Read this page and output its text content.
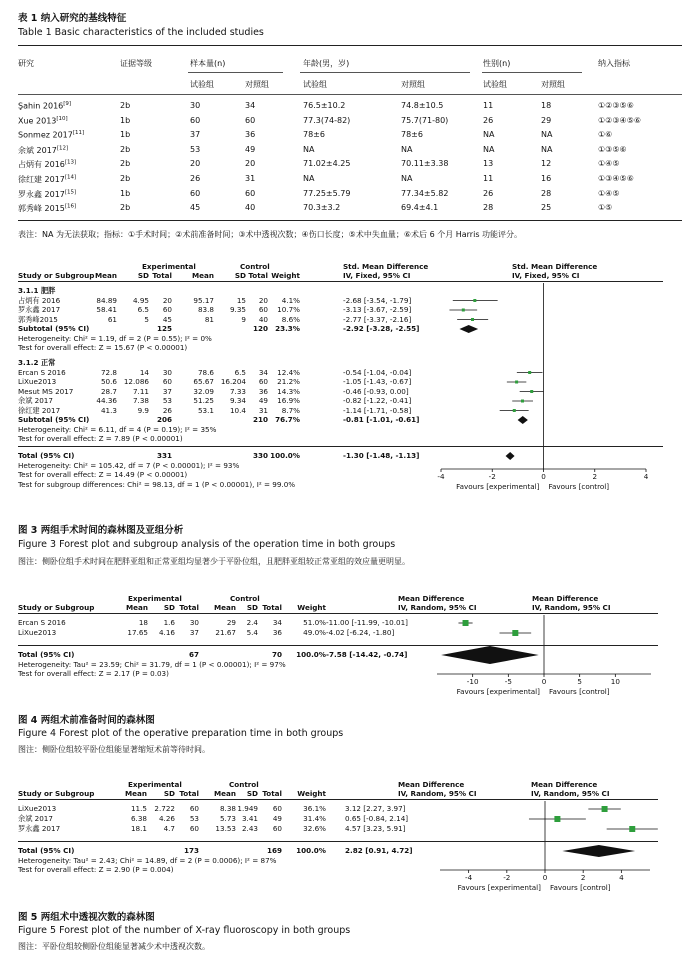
表 1 纳入研究的基线特征
Table 1 Basic characteristics of the included studies
研究	证据等级	样本量(n)	年龄(男，岁)	性别(n)	纳入指标
试验组	对照组	试验组	对照组	试验组	对照组
Şahin 2016[9]	2b	30	34	76.5±10.2	74.8±10.5	11	18	①②③⑤⑥
Xue 2013[10]	1b	60	60	77.3(74-82)	75.7(71-80)	26	29	①②③④⑤⑥
Sonmez 2017[11]	1b	37	36	78±6	78±6	NA	NA	①⑥
余斌 2017[12]	2b	53	49	NA	NA	NA	NA	①③⑤⑥
占炳有 2016[13]	2b	20	20	71.02±4.25	70.11±3.38	13	12	①④⑤
徐红建 2017[14]	2b	26	31	NA	NA	11	16	①③④⑤⑥
罗永鑫 2017[15]	1b	60	60	77.25±5.79	77.34±5.82	26	28	①④⑤
郭秀峰 2015[16]	2b	45	40	70.3±3.2	69.4±4.1	28	25	①⑤
表注：NA 为无法获取；指标：①手术时间；②术前准备时间；③术中透视次数；④伤口长度；⑤术中失血量；⑥术后 6 个月 Harris 功能评分。
Experimental	Control	Std. Mean Difference	Std. Mean Difference
Study or Subgroup Mean	SD Total	Mean	SD Total Weight	IV, Fixed, 95% CI	IV, Fixed, 95% CI
3.1.1 肥胖
占炳有 2016	84.89	4.95	20	95.17	15	20	4.1%	-2.68 [-3.54, -1.79]
罗永鑫 2017	58.41	6.5	60	83.8	9.35	60	10.7%	-3.13 [-3.67, -2.59]
郭秀峰2015	61	5	45	81	9	40	8.6%	-2.77 [-3.37, -2.16]
Subtotal (95% CI)	125	120 23.3%	-2.92 [-3.28, -2.55]
Heterogeneity: Chi² = 1.19, df = 2 (P = 0.55); I² = 0%
Test for overall effect: Z = 15.67 (P < 0.00001)
3.1.2 正常
Ercan S 2016	72.8	14	30	78.6	6.5	34	12.4%	-0.54 [-1.04, -0.04]
LiXue2013	50.6 12.086	60	65.67 16.204	60	21.2%	-1.05 [-1.43, -0.67]
Mesut MS 2017	28.7	7.11	37	32.09	7.33	36	14.3%	-0.46 [-0.93, 0.00]
余斌 2017	44.36	7.38	53	51.25	9.34	49	16.9%	-0.82 [-1.22, -0.41]
徐红建 2017	41.3	9.9	26	53.1	10.4	31	8.7%	-1.14 [-1.71, -0.58]
Subtotal (95% CI)	206	210 76.7%	-0.81 [-1.01, -0.61]
Heterogeneity: Chi² = 6.11, df = 4 (P = 0.19); I² = 35%
Test for overall effect: Z = 7.89 (P < 0.00001)
Total (95% CI)	331	330 100.0%	-1.30 [-1.48, -1.13]
Heterogeneity: Chi² = 105.42, df = 7 (P < 0.00001); I² = 93%
Test for overall effect: Z = 14.49 (P < 0.00001)
Test for subgroup differences: Chi² = 98.13, df = 1 (P < 0.00001), I² = 99.0%
-4	-2	0	2	4
Favours [experimental] Favours [control]
图 3 两组手术时间的森林图及亚组分析
Figure 3 Forest plot and subgroup analysis of the operation time in both groups
图注：侧卧位组手术时间在肥胖亚组和正常亚组均显著少于平卧位组，且肥胖亚组较正常亚组的效应量更明显。
Experimental	Control	Mean Difference	Mean Difference
Study or Subgroup	Mean	SD Total	Mean	SD Total	Weight	IV, Random, 95% CI	IV, Random, 95% CI
Ercan S 2016	18	1.6	30	29	2.4	34	51.0% -11.00 [-11.99, -10.01]
LiXue2013	17.65	4.16	37	21.67	5.4	36	49.0% -4.02 [-6.24, -1.80]
Total (95% CI)	67	70	100.0% -7.58 [-14.42, -0.74]
Heterogeneity: Tau² = 23.59; Chi² = 31.79, df = 1 (P < 0.00001); I² = 97%
Test for overall effect: Z = 2.17 (P = 0.03)
-10	-5	0	5	10
Favours [experimental] Favours [control]
图 4 两组术前准备时间的森林图
Figure 4 Forest plot of the operative preparation time in both groups
图注：侧卧位组较平卧位组能显著缩短术前等待时间。
Experimental	Control	Mean Difference	Mean Difference
Study or Subgroup	Mean	SD Total	Mean	SD Total	Weight	IV, Random, 95% CI	IV, Random, 95% CI
LiXue2013	11.5	2.722	60	8.38 1.949	60	36.1%	3.12 [2.27, 3.97]
余斌 2017	6.38	4.26	53	5.73 3.41	49	31.4%	0.65 [-0.84, 2.14]
罗永鑫 2017	18.1	4.7	60	13.53 2.43	60	32.6%	4.57 [3.23, 5.91]
Total (95% CI)	173	169	100.0%	2.82 [0.91, 4.72]
Heterogeneity: Tau² = 2.43; Chi² = 14.89, df = 2 (P = 0.0006); I² = 87%
Test for overall effect: Z = 2.90 (P = 0.004)
-4	-2	0	2	4
Favours [experimental] Favours [control]
图 5 两组术中透视次数的森林图
Figure 5 Forest plot of the number of X-ray fluoroscopy in both groups
图注：平卧位组较侧卧位组能显著减少术中透视次数。
